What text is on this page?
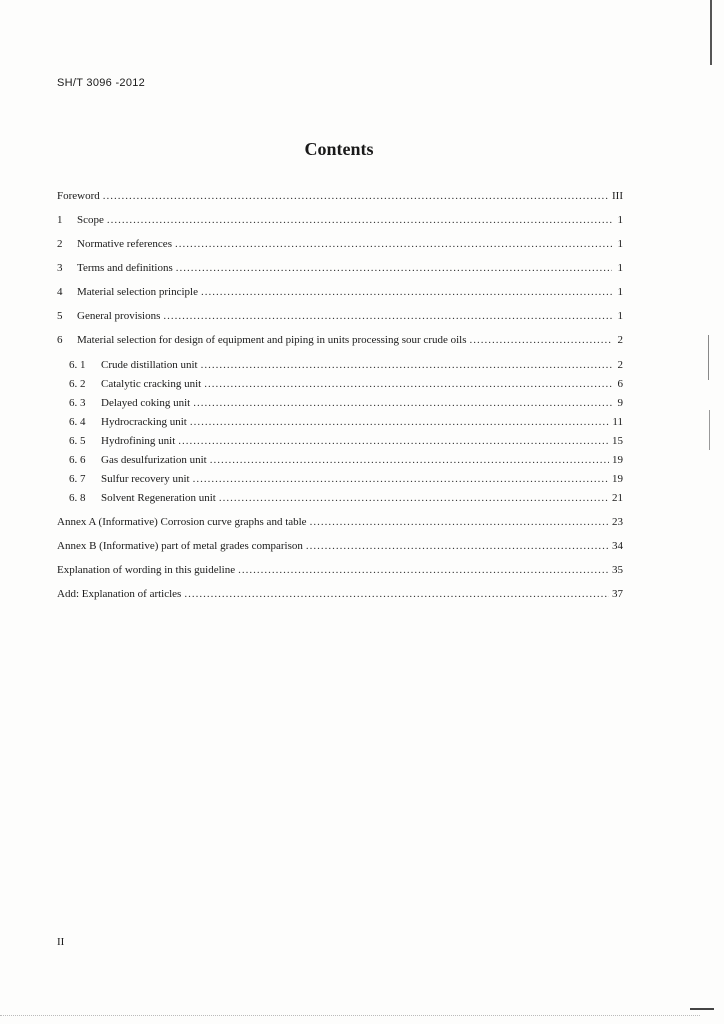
SH/T 3096 -2012
Contents
Foreword .....	III
1 Scope .....	1
2 Normative references .....	1
3 Terms and definitions .....	1
4 Material selection principle .....	1
5 General provisions .....	1
6 Material selection for design of equipment and piping in units processing sour crude oils .....	2
6. 1 Crude distillation unit .....	2
6. 2 Catalytic cracking unit .....	6
6. 3 Delayed coking unit .....	9
6. 4 Hydrocracking unit .....	11
6. 5 Hydrofining unit .....	15
6. 6 Gas desulfurization unit .....	19
6. 7 Sulfur recovery unit .....	19
6. 8 Solvent Regeneration unit .....	21
Annex A (Informative) Corrosion curve graphs and table .....	23
Annex B (Informative) part of metal grades comparison .....	34
Explanation of wording in this guideline .....	35
Add: Explanation of articles .....	37
II
